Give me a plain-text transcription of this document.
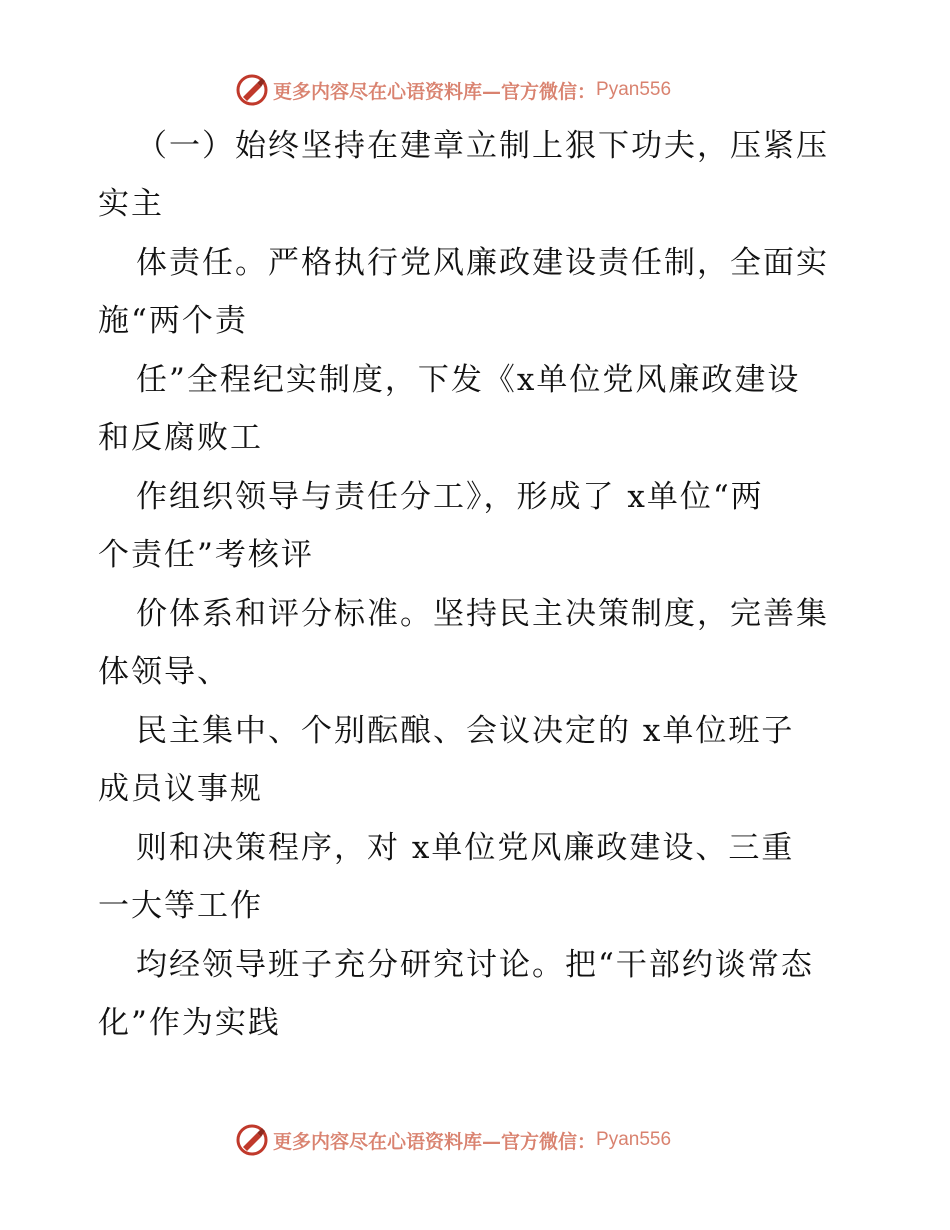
更多内容尽在心语资料库—官方微信： Pyan556
（一）始终坚持在建章立制上狠下功夫，压紧压
实主
体责任。严格执行党风廉政建设责任制，全面实
施“两个责
任”全程纪实制度，下发《x单位党风廉政建设
和反腐败工
作组织领导与责任分工》，形成了 x单位“两
个责任”考核评
价体系和评分标准。坚持民主决策制度，完善集
体领导、
民主集中、个别酝酿、会议决定的 x单位班子
成员议事规
则和决策程序，对 x单位党风廉政建设、三重
一大等工作
均经领导班子充分研究讨论。把“干部约谈常态
化”作为实践
更多内容尽在心语资料库—官方微信： Pyan556
